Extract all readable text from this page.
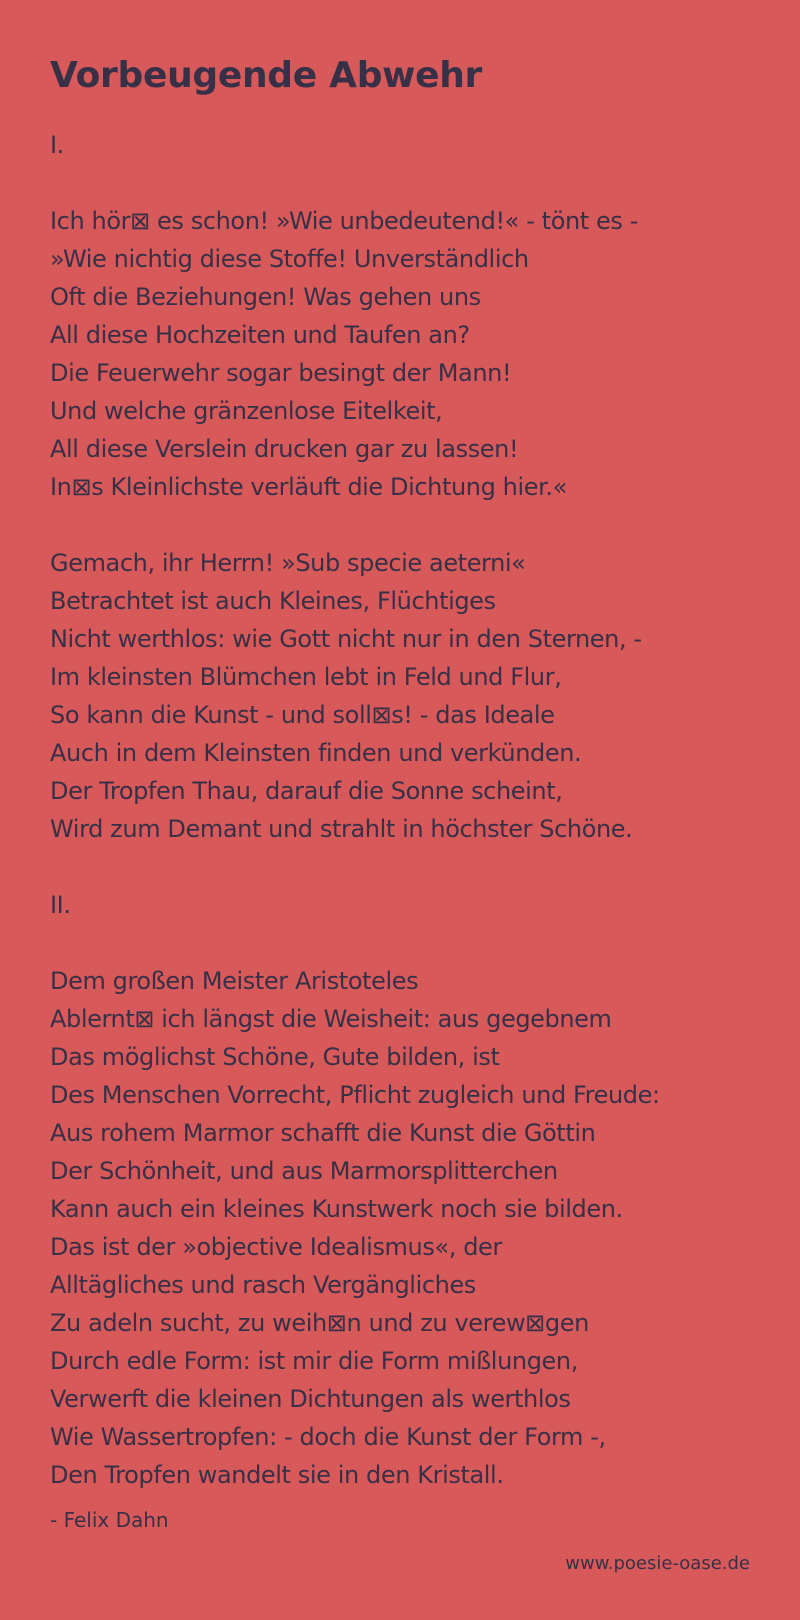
Vorbeugende Abwehr
I.
Ich hör⊠ es schon! »Wie unbedeutend!« - tönt es -
»Wie nichtig diese Stoffe! Unverständlich
Oft die Beziehungen! Was gehen uns
All diese Hochzeiten und Taufen an?
Die Feuerwehr sogar besingt der Mann!
Und welche gränzenlose Eitelkeit,
All diese Verslein drucken gar zu lassen!
In⊠s Kleinlichste verläuft die Dichtung hier.«
Gemach, ihr Herrn! »Sub specie aeterni«
Betrachtet ist auch Kleines, Flüchtiges
Nicht werthlos: wie Gott nicht nur in den Sternen, -
Im kleinsten Blümchen lebt in Feld und Flur,
So kann die Kunst - und soll⊠s! - das Ideale
Auch in dem Kleinsten finden und verkünden.
Der Tropfen Thau, darauf die Sonne scheint,
Wird zum Demant und strahlt in höchster Schöne.
II.
Dem großen Meister Aristoteles
Ablernt⊠ ich längst die Weisheit: aus gegebnem
Das möglichst Schöne, Gute bilden, ist
Des Menschen Vorrecht, Pflicht zugleich und Freude:
Aus rohem Marmor schafft die Kunst die Göttin
Der Schönheit, und aus Marmorsplitterchen
Kann auch ein kleines Kunstwerk noch sie bilden.
Das ist der »objective Idealismus«, der
Alltägliches und rasch Vergängliches
Zu adeln sucht, zu weih⊠n und zu verew⊠gen
Durch edle Form: ist mir die Form mißlungen,
Verwerft die kleinen Dichtungen als werthlos
Wie Wassertropfen: - doch die Kunst der Form -,
Den Tropfen wandelt sie in den Kristall.
- Felix Dahn
www.poesie-oase.de
